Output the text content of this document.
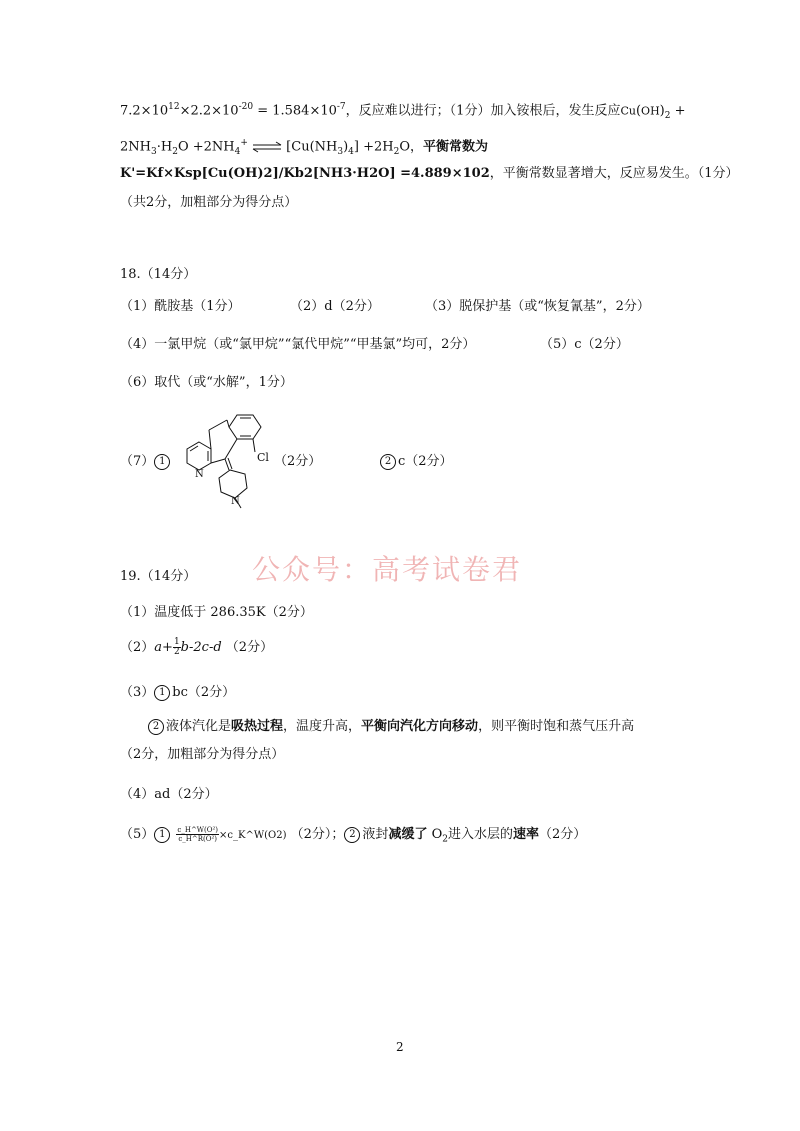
$7.2\times 10^{12}\times 2.2\times 10^{-20} = 1.584\times 10^{-7}$，反应难以进行；（1分）加入铵根后，发生反应$Cu(OH)_2$ +
$2NH_3\cdot H_2O +2NH_4^+$ ⇌ $[Cu(NH_3)_4] +2H_2O$，平衡常数为
K'=Kf×Ksp[Cu(OH)2]/Kb2[NH3·H2O] =4.889×102，平衡常数显著增大，反应易发生。（1分）
（共2分，加粗部分为得分点）
18.（14分）
（1）酰胺基（1分）	（2）d（2分）	（3）脱保护基（或“恢复氰基”，2分）
（4）一氯甲烷（或“氯甲烷”“氯代甲烷”“甲基氯”均可，2分）	（5）c（2分）
（6）取代（或“水解”，1分）
（7） 1	Cl
N
N
（2分）	2 c（2分）
公众号：高考试卷君
19.（14分）
（1）温度低于 286.35K（2分）
$(2)a+ \frac{1}{2} b-2c-d$ （2分）
（3） 1 bc（2分）
2 液体汽化是吸热过程，温度升高，平衡向汽化方向移动，则平衡时饱和蒸气压升高
（2分，加粗部分为得分点）
（4）ad（2分）
（5） $1 \frac{\text{c\_H\textasciicircum{}W(O²)}}{\text{c\_H\textasciicircum{}R(O²)}}$ ×c_K^W(O2) （2分）； 2 液封减缓了 $O_2$进入水层的速率（2分）
2
